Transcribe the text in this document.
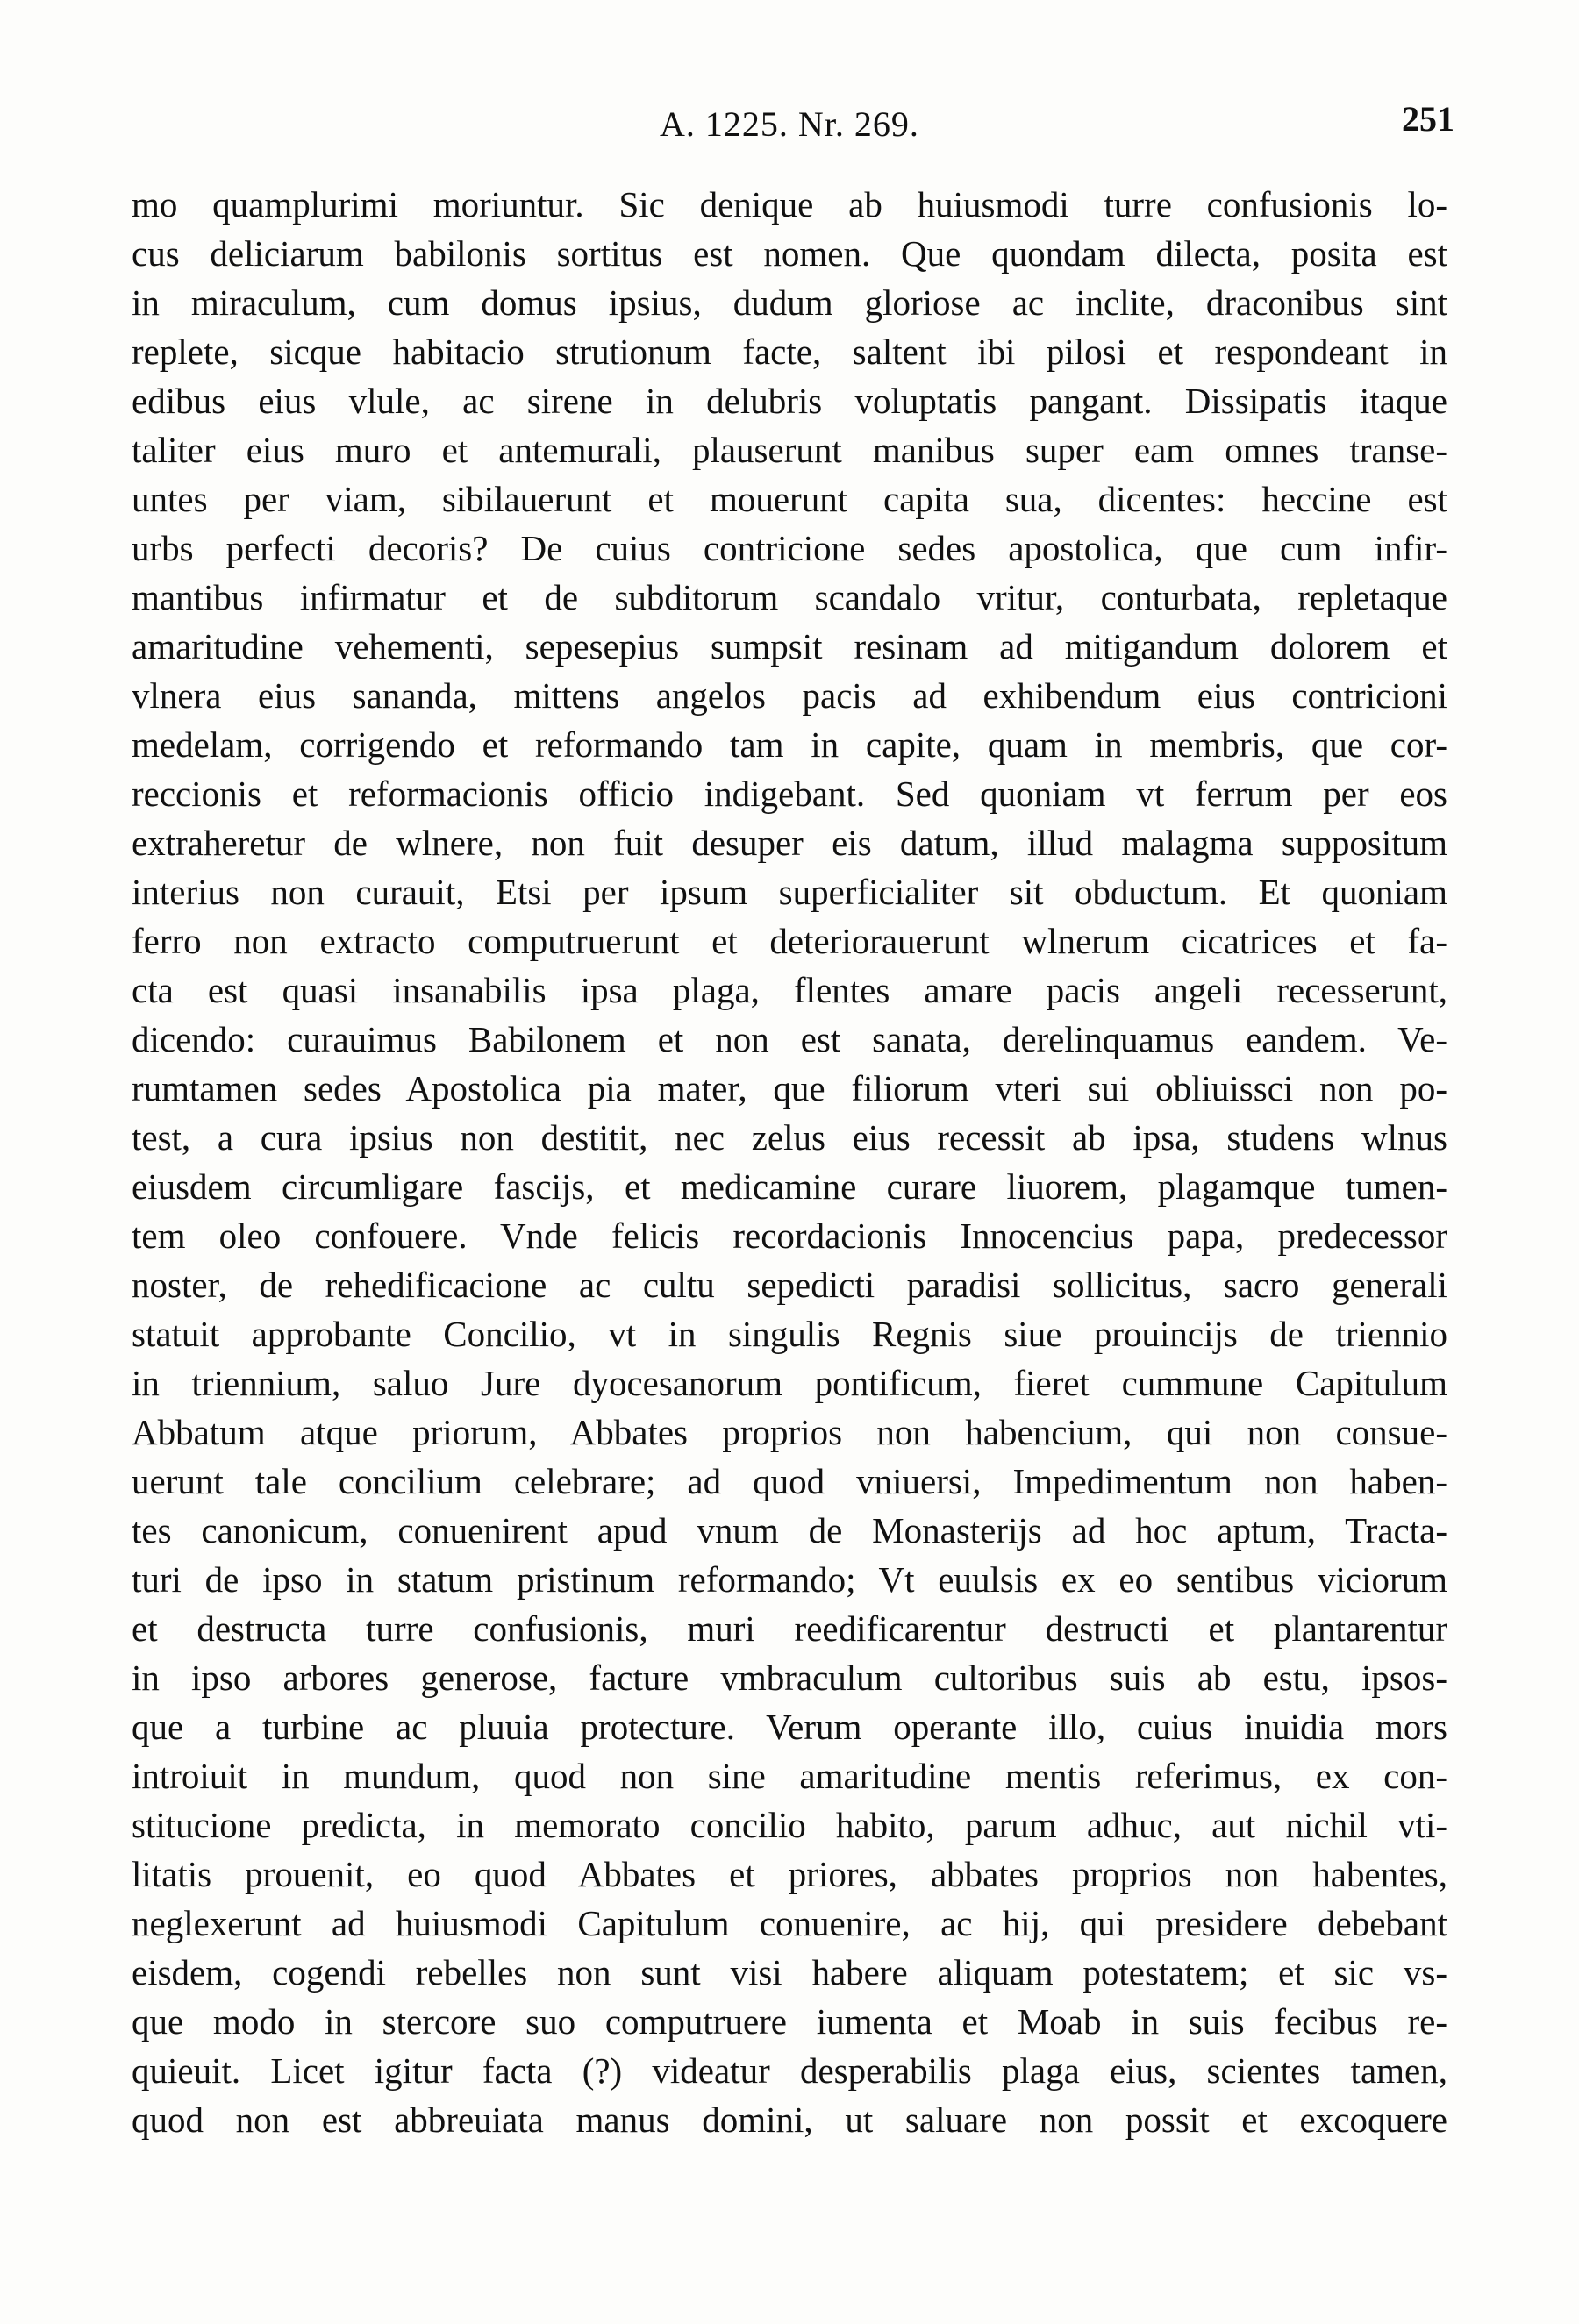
A. 1225. Nr. 269.	251
mo quamplurimi moriuntur. Sic denique ab huiusmodi turre confusionis lo-
cus deliciarum babilonis sortitus est nomen. Que quondam dilecta, posita est
in miraculum, cum domus ipsius, dudum gloriose ac inclite, draconibus sint
replete, sicque habitacio strutionum facte, saltent ibi pilosi et respondeant in
edibus eius vlule, ac sirene in delubris voluptatis pangant. Dissipatis itaque
taliter eius muro et antemurali, plauserunt manibus super eam omnes transe-
untes per viam, sibilauerunt et mouerunt capita sua, dicentes: heccine est
urbs perfecti decoris? De cuius contricione sedes apostolica, que cum infir-
mantibus infirmatur et de subditorum scandalo vritur, conturbata, repletaque
amaritudine vehementi, sepesepius sumpsit resinam ad mitigandum dolorem et
vlnera eius sananda, mittens angelos pacis ad exhibendum eius contricioni
medelam, corrigendo et reformando tam in capite, quam in membris, que cor-
reccionis et reformacionis officio indigebant. Sed quoniam vt ferrum per eos
extraheretur de wlnere, non fuit desuper eis datum, illud malagma suppositum
interius non curauit, Etsi per ipsum superficialiter sit obductum. Et quoniam
ferro non extracto computruerunt et deteriorauerunt wlnerum cicatrices et fa-
cta est quasi insanabilis ipsa plaga, flentes amare pacis angeli recesserunt,
dicendo: curauimus Babilonem et non est sanata, derelinquamus eandem. Ve-
rumtamen sedes Apostolica pia mater, que filiorum vteri sui obliuissci non po-
test, a cura ipsius non destitit, nec zelus eius recessit ab ipsa, studens wlnus
eiusdem circumligare fascijs, et medicamine curare liuorem, plagamque tumen-
tem oleo confouere. Vnde felicis recordacionis Innocencius papa, predecessor
noster, de rehedificacione ac cultu sepedicti paradisi sollicitus, sacro generali
statuit approbante Concilio, vt in singulis Regnis siue prouincijs de triennio
in triennium, saluo Jure dyocesanorum pontificum, fieret cummune Capitulum
Abbatum atque priorum, Abbates proprios non habencium, qui non consue-
uerunt tale concilium celebrare; ad quod vniuersi, Impedimentum non haben-
tes canonicum, conuenirent apud vnum de Monasterijs ad hoc aptum, Tracta-
turi de ipso in statum pristinum reformando; Vt euulsis ex eo sentibus viciorum
et destructa turre confusionis, muri reedificarentur destructi et plantarentur
in ipso arbores generose, facture vmbraculum cultoribus suis ab estu, ipsos-
que a turbine ac pluuia protecture. Verum operante illo, cuius inuidia mors
introiuit in mundum, quod non sine amaritudine mentis referimus, ex con-
stitucione predicta, in memorato concilio habito, parum adhuc, aut nichil vti-
litatis prouenit, eo quod Abbates et priores, abbates proprios non habentes,
neglexerunt ad huiusmodi Capitulum conuenire, ac hij, qui presidere debebant
eisdem, cogendi rebelles non sunt visi habere aliquam potestatem; et sic vs-
que modo in stercore suo computruere iumenta et Moab in suis fecibus re-
quieuit. Licet igitur facta (?) videatur desperabilis plaga eius, scientes tamen,
quod non est abbreuiata manus domini, ut saluare non possit et excoquere
